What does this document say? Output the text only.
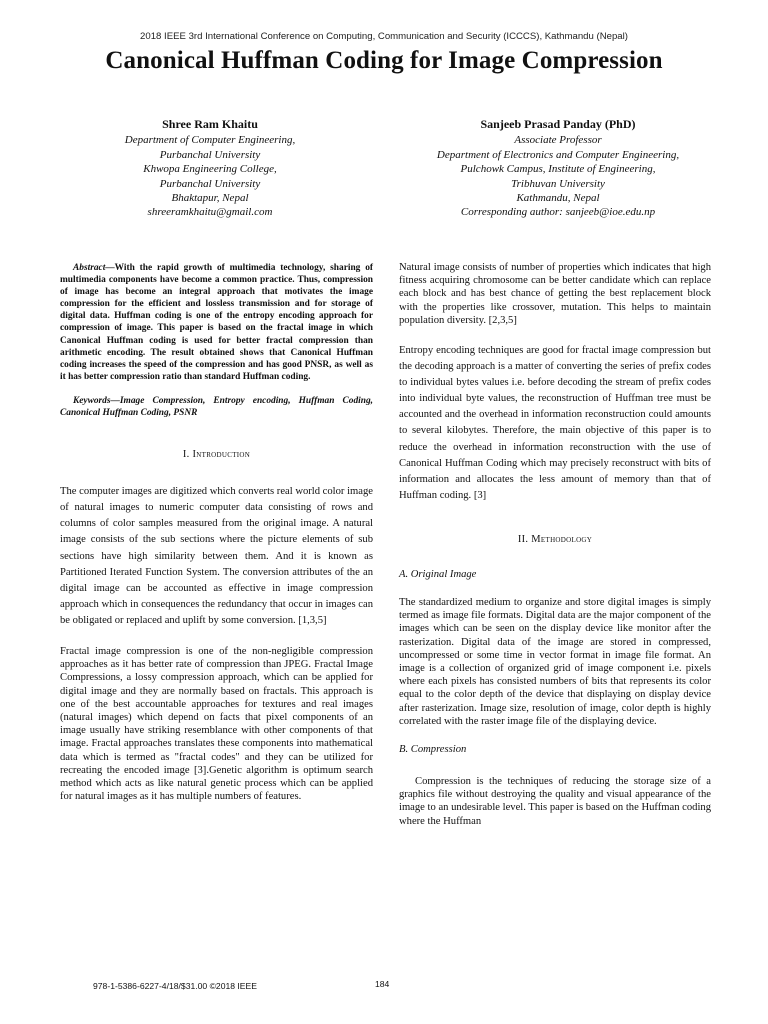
2018 IEEE 3rd International Conference on Computing, Communication and Security (ICCCS), Kathmandu (Nepal)
Canonical Huffman Coding for Image Compression
Shree Ram Khaitu
Department of Computer Engineering,
Purbanchal University
Khwopa Engineering College,
Purbanchal University
Bhaktapur, Nepal
shreeramkhaitu@gmail.com
Sanjeeb Prasad Panday (PhD)
Associate Professor
Department of Electronics and Computer Engineering,
Pulchowk Campus, Institute of Engineering,
Tribhuvan University
Kathmandu, Nepal
Corresponding author: sanjeeb@ioe.edu.np

Abstract—With the rapid growth of multimedia technology, sharing of multimedia components have become a common practice. Thus, compression of image has become an integral approach that motivates the image compression for the efficient and lossless transmission and for storage of digital data. Huffman coding is one of the entropy encoding approach for compression of image. This paper is based on the fractal image in which Canonical Huffman coding is used for better fractal compression than arithmetic encoding. The result obtained shows that Canonical Huffman coding increases the speed of the compression and has good PNSR, as well as it has better compression ratio than standard Huffman coding.

Keywords—Image Compression, Entropy encoding, Huffman Coding, Canonical Huffman Coding, PSNR

I. Introduction

The computer images are digitized which converts real world color image of natural images to numeric computer data consisting of rows and columns of color samples measured from the original image. A natural image consists of the sub sections where the picture elements of sub sections have high similarity between them. And it is known as Partitioned Iterated Function System. The conversion attributes of the an digital image can be accounted as effective in image compression approach which in consequences the redundancy that occur in images can be obligated or replaced and uplift by some conversion. [1,3,5]

Fractal image compression is one of the non-negligible compression approaches as it has better rate of compression than JPEG. Fractal Image Compressions, a lossy compression approach, which can be applied for digital image and they are normally based on fractals. This approach is one of the best accountable approaches for textures and real images (natural images) which depend on facts that pixel components of an image usually have striking resemblance with other components of that image. Fractal approaches translates these components into mathematical data which is termed as "fractal codes" and they can be utilized for recreating the encoded image [3].Genetic algorithm is optimum search method which acts as like natural genetic process which can be applied for natural images as it has multiple numbers of features.

Natural image consists of number of properties which indicates that high fitness acquiring chromosome can be better candidate which can replace each block and has best chance of getting the best replacement block with the properties like crossover, mutation. This helps to maintain population diversity. [2,3,5]

Entropy encoding techniques are good for fractal image compression but the decoding approach is a matter of converting the series of prefix codes to individual bytes values i.e. before decoding the stream of prefix codes into individual byte values, the reconstruction of Huffman tree must be accounted and the overhead in information reconstruction could amounts to several kilobytes. Therefore, the main objective of this paper is to reduce the overhead in information reconstruction with the use of Canonical Huffman Coding which may precisely reconstruct with bits of information and allocates the less amount of memory than that of Huffman coding. [3]

II. Methodology
A. Original Image

The standardized medium to organize and store digital images is simply termed as image file formats. Digital data are the major component of the images which can be seen on the display device like monitor after the rasterization. Digital data of the image are stored in compressed, uncompressed or some time in vector format in image file format. An image is a collection of organized grid of image component i.e. pixels where each pixels has consisted numbers of bits that represents its color equal to the color depth of the device that displaying on display device after rasterization. Image size, resolution of image, color depth is highly correlated with the raster image file of the displaying device.

B. Compression

Compression is the techniques of reducing the storage size of a graphics file without destroying the quality and visual appearance of the image to an undesirable level. This paper is based on the Huffman coding where the Huffman

978-1-5386-6227-4/18/$31.00 ©2018 IEEE	184
